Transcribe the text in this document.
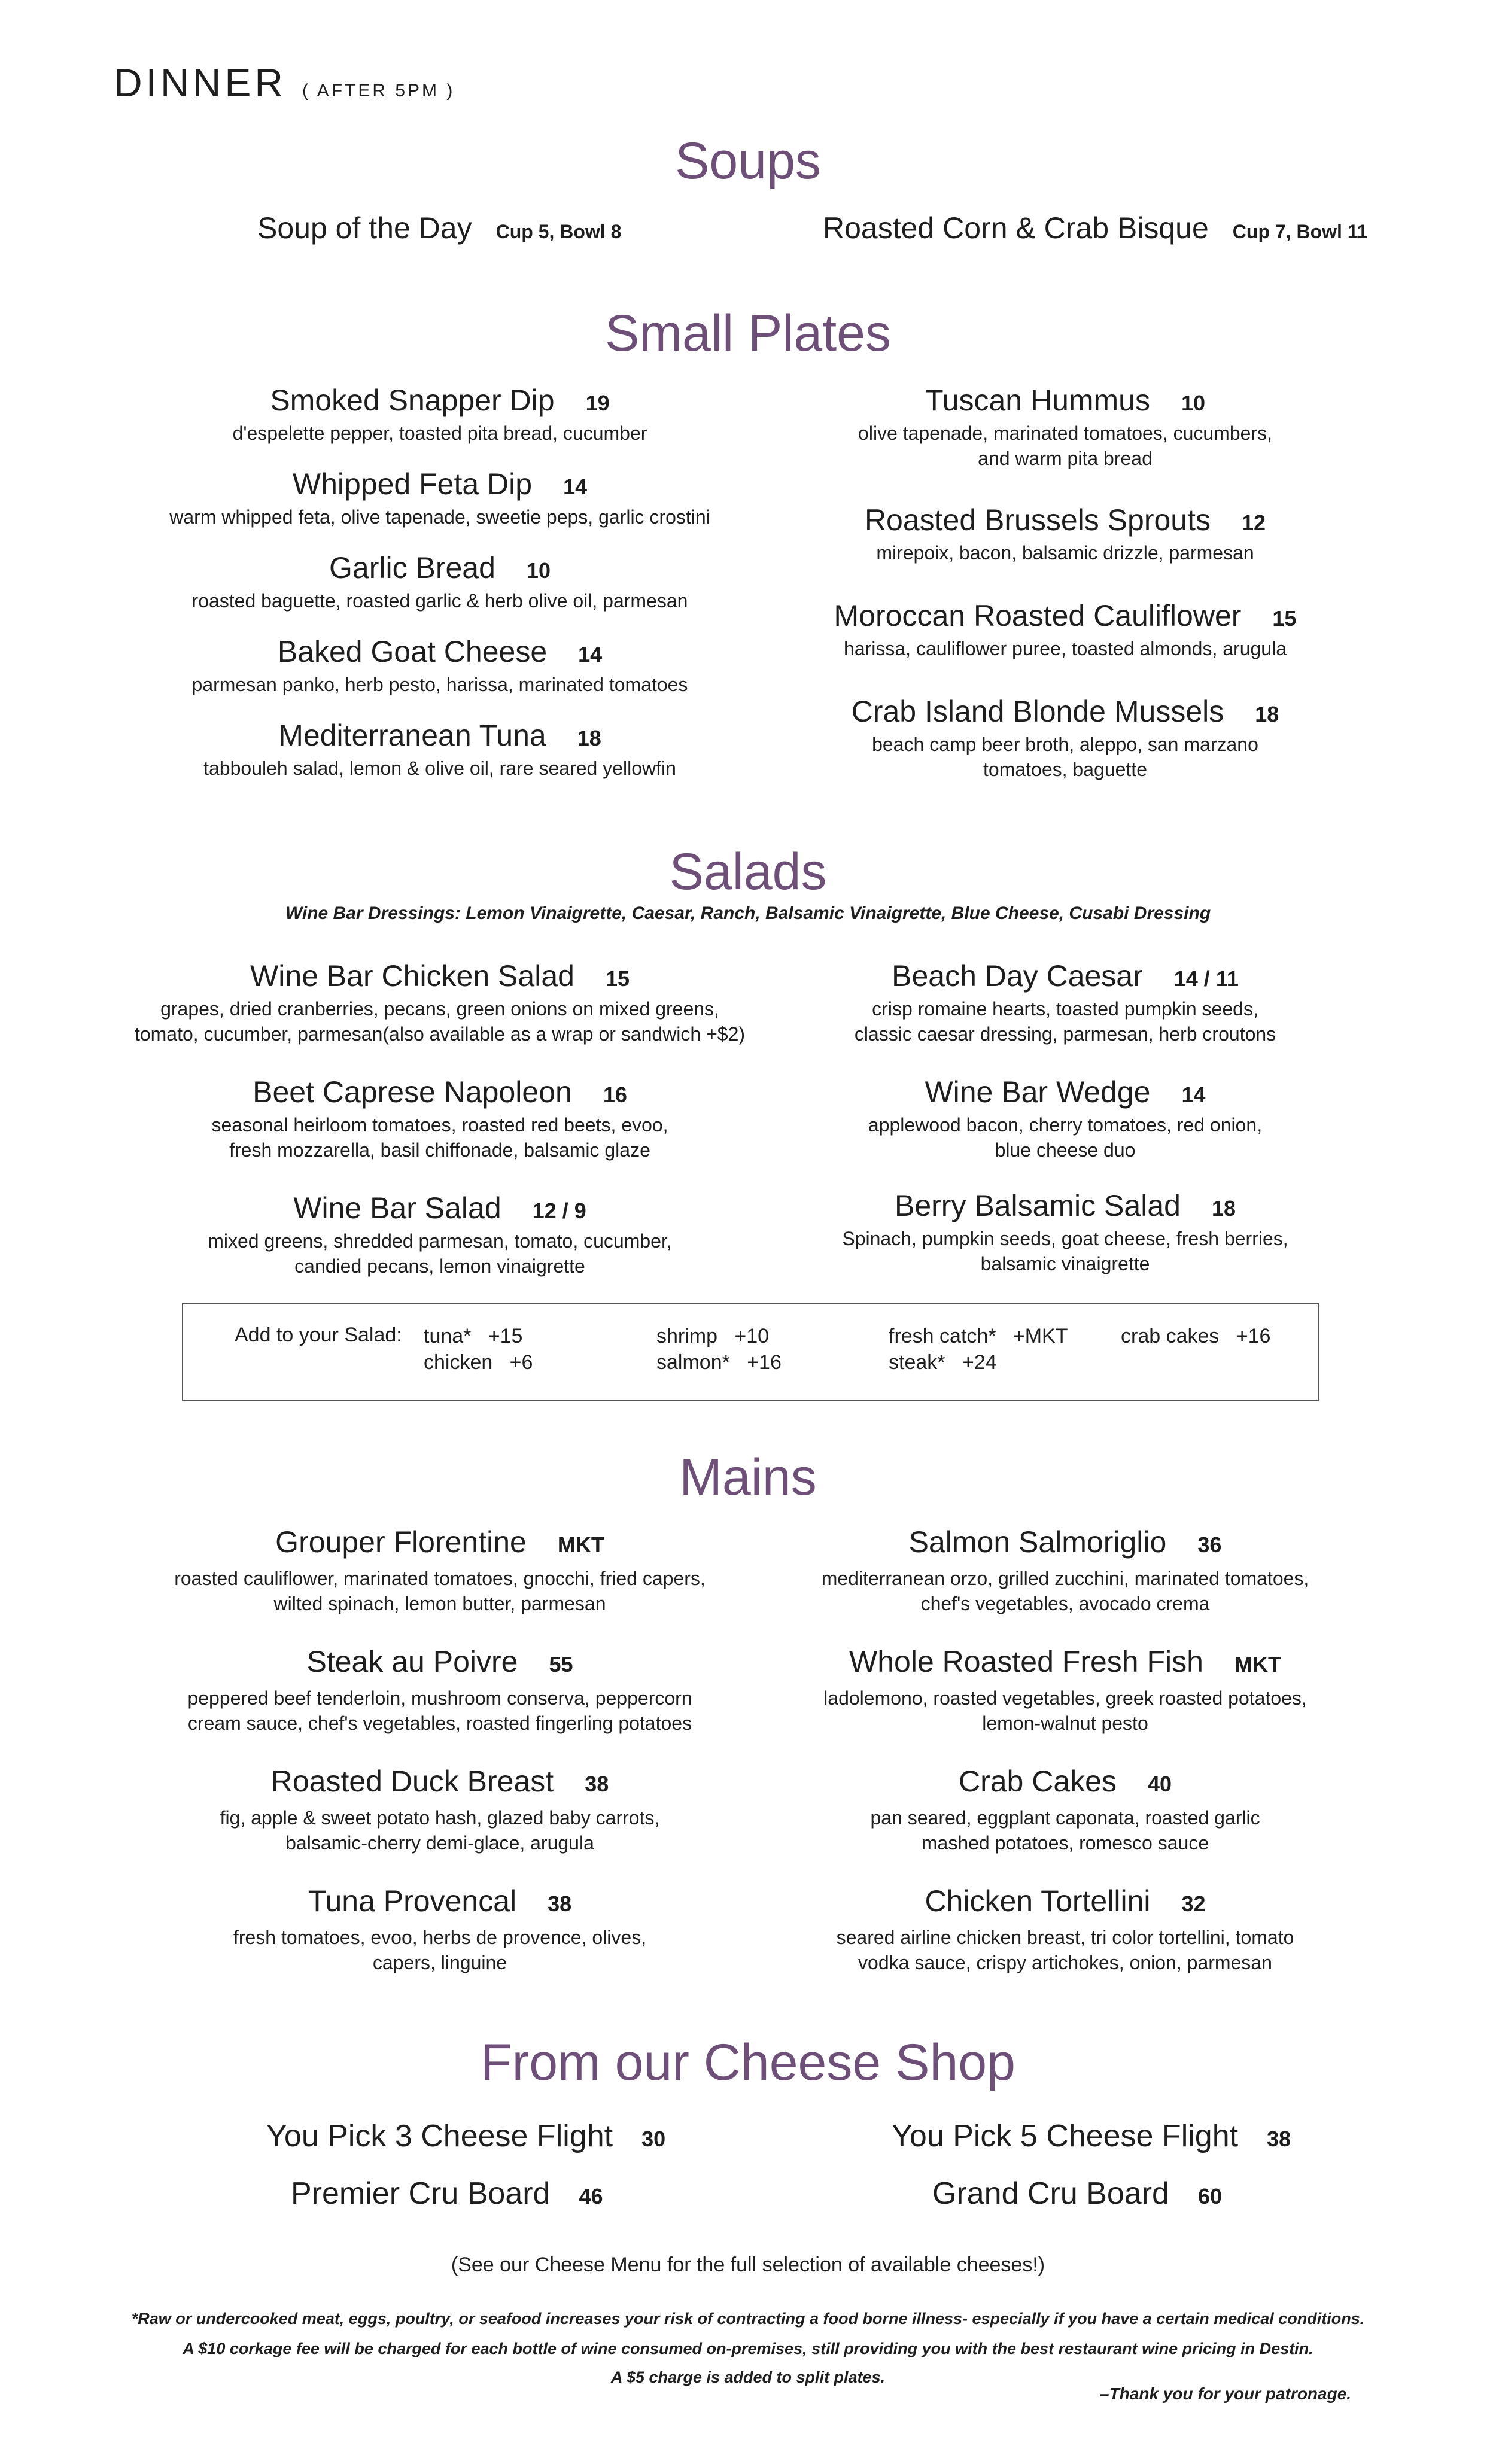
DINNER ( AFTER 5PM )
Soups
Soup of the Day Cup 5, Bowl 8	Roasted Corn & Crab Bisque Cup 7, Bowl 11
Small Plates
Smoked Snapper Dip 19
d'espelette pepper, toasted pita bread, cucumber
Whipped Feta Dip 14
warm whipped feta, olive tapenade, sweetie peps, garlic crostini
Garlic Bread 10
roasted baguette, roasted garlic & herb olive oil, parmesan
Baked Goat Cheese 14
parmesan panko, herb pesto, harissa, marinated tomatoes
Mediterranean Tuna 18
tabbouleh salad, lemon & olive oil, rare seared yellowfin
Tuscan Hummus 10
olive tapenade, marinated tomatoes, cucumbers,
and warm pita bread
Roasted Brussels Sprouts 12
mirepoix, bacon, balsamic drizzle, parmesan
Moroccan Roasted Cauliflower 15
harissa, cauliflower puree, toasted almonds, arugula
Crab Island Blonde Mussels 18
beach camp beer broth, aleppo, san marzano
tomatoes, baguette
Salads
Wine Bar Dressings: Lemon Vinaigrette, Caesar, Ranch, Balsamic Vinaigrette, Blue Cheese, Cusabi Dressing
Wine Bar Chicken Salad 15
grapes, dried cranberries, pecans, green onions on mixed greens,
tomato, cucumber, parmesan(also available as a wrap or sandwich +$2)
Beet Caprese Napoleon 16
seasonal heirloom tomatoes, roasted red beets, evoo,
fresh mozzarella, basil chiffonade, balsamic glaze
Wine Bar Salad 12 / 9
mixed greens, shredded parmesan, tomato, cucumber,
candied pecans, lemon vinaigrette
Beach Day Caesar 14 / 11
crisp romaine hearts, toasted pumpkin seeds,
classic caesar dressing, parmesan, herb croutons
Wine Bar Wedge 14
applewood bacon, cherry tomatoes, red onion,
blue cheese duo
Berry Balsamic Salad 18
Spinach, pumpkin seeds, goat cheese, fresh berries,
balsamic vinaigrette
Add to your Salad: tuna* +15
chicken +6
shrimp +10
salmon* +16
fresh catch* +MKT
steak* +24
crab cakes +16
Mains
Grouper Florentine MKT
roasted cauliflower, marinated tomatoes, gnocchi, fried capers,
wilted spinach, lemon butter, parmesan
Steak au Poivre 55
peppered beef tenderloin, mushroom conserva, peppercorn
cream sauce, chef's vegetables, roasted fingerling potatoes
Roasted Duck Breast 38
fig, apple & sweet potato hash, glazed baby carrots,
balsamic-cherry demi-glace, arugula
Tuna Provencal 38
fresh tomatoes, evoo, herbs de provence, olives,
capers, linguine
Salmon Salmoriglio 36
mediterranean orzo, grilled zucchini, marinated tomatoes,
chef's vegetables, avocado crema
Whole Roasted Fresh Fish MKT
ladolemono, roasted vegetables, greek roasted potatoes,
lemon-walnut pesto
Crab Cakes 40
pan seared, eggplant caponata, roasted garlic
mashed potatoes, romesco sauce
Chicken Tortellini 32
seared airline chicken breast, tri color tortellini, tomato
vodka sauce, crispy artichokes, onion, parmesan
From our Cheese Shop
You Pick 3 Cheese Flight 30
Premier Cru Board 46
You Pick 5 Cheese Flight 38
Grand Cru Board 60
(See our Cheese Menu for the full selection of available cheeses!)
*Raw or undercooked meat, eggs, poultry, or seafood increases your risk of contracting a food borne illness- especially if you have a certain medical conditions.
A $10 corkage fee will be charged for each bottle of wine consumed on-premises, still providing you with the best restaurant wine pricing in Destin.
A $5 charge is added to split plates.
–Thank you for your patronage.
